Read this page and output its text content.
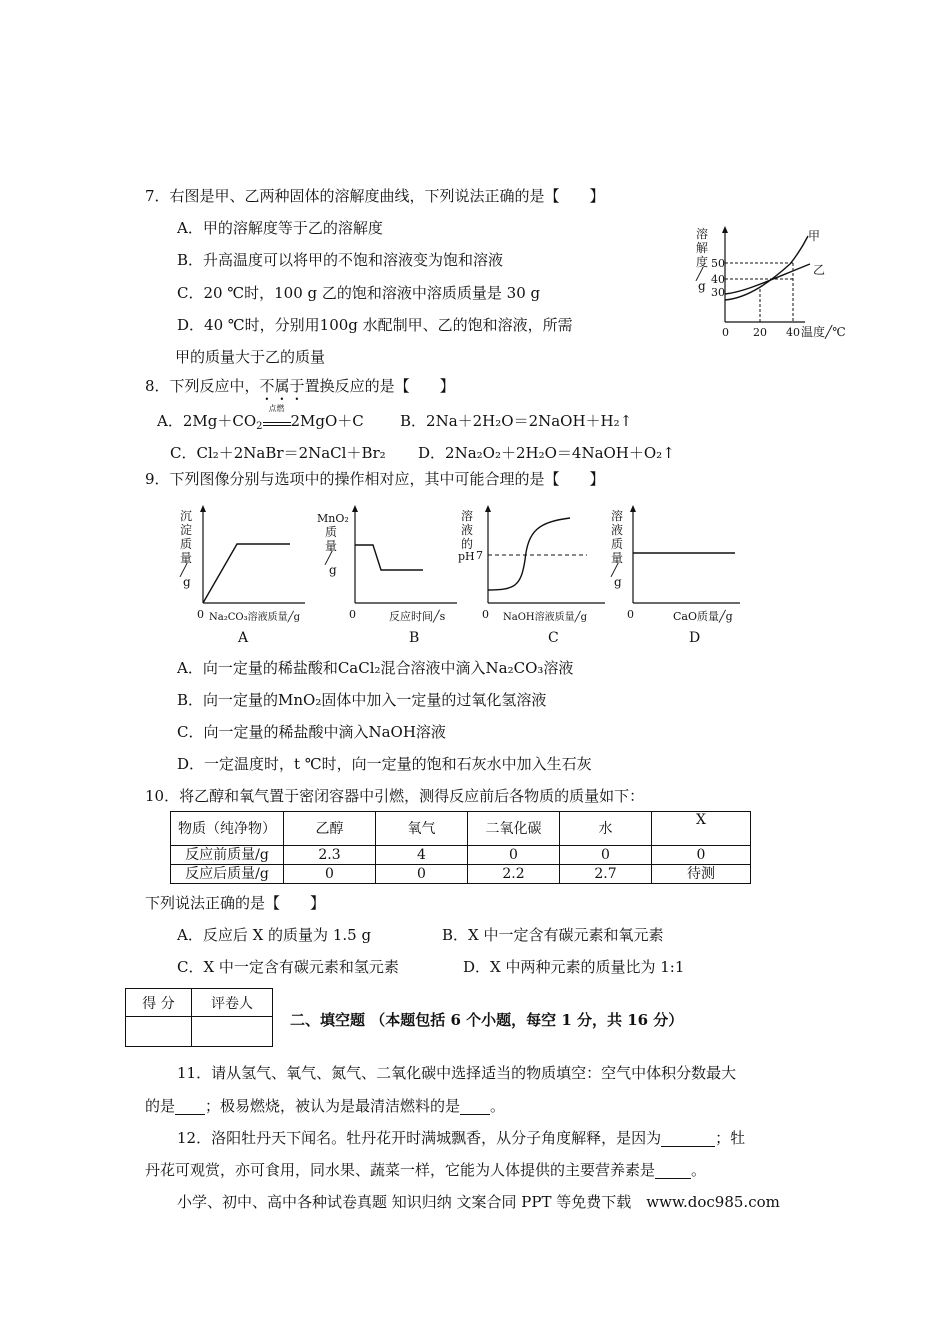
7．右图是甲、乙两种固体的溶解度曲线，下列说法正确的是【　　】
A．甲的溶解度等于乙的溶解度
B．升高温度可以将甲的不饱和溶液变为饱和溶液
C．20 ℃时，100 g 乙的饱和溶液中溶质质量是 30 g
D．40 ℃时，分别用100g 水配制甲、乙的饱和溶液，所需
甲的质量大于乙的质量
溶
解
度
╱
g
50
40
30
0 20 40 温度╱℃
甲
乙
8．下列反应中，不属于置换反应的是【　　】
A．$2Mg+CO_2$
点燃
2MgO＋C B．2Na＋2H₂O＝2NaOH＋H₂↑
C．Cl₂＋2NaBr＝2NaCl＋Br₂ D．2Na₂O₂＋2H₂O＝4NaOH＋O₂↑
9．下列图像分别与选项中的操作相对应，其中可能合理的是【　　】
沉
淀
质
量
╱
g
0 Na₂CO₃溶液质量╱g
A
MnO₂
质
量
╱
g
0	反应时间╱s
B
溶
液
的
pH 7
0 NaOH溶液质量╱g
C
溶
液
质
量
╱
g
0	CaO质量╱g
D
A．向一定量的稀盐酸和CaCl₂混合溶液中滴入Na₂CO₃溶液
B．向一定量的MnO₂固体中加入一定量的过氧化氢溶液
C．向一定量的稀盐酸中滴入NaOH溶液
D．一定温度时，t ℃时，向一定量的饱和石灰水中加入生石灰
10．将乙醇和氧气置于密闭容器中引燃，测得反应前后各物质的质量如下：
物质（纯净物）	乙醇	氧气	二氧化碳	水	X
反应前质量/g	2.3	4	0	0	0
反应后质量/g	0	0	2.2	2.7	待测
下列说法正确的是【　　】
A．反应后 X 的质量为 1.5 g	B．X 中一定含有碳元素和氧元素
C．X 中一定含有碳元素和氢元素	D．X 中两种元素的质量比为 1:1
得 分	评卷人

二、填空题 （本题包括 6 个小题，每空 1 分，共 16 分）
11．请从氢气、氧气、氮气、二氧化碳中选择适当的物质填空：空气中体积分数最大
的是 ；极易燃烧，被认为是最清洁燃料的是 。
12．洛阳牡丹天下闻名。牡丹花开时满城飘香，从分子角度解释，是因为	；牡
丹花可观赏，亦可食用，同水果、蔬菜一样，它能为人体提供的主要营养素是 。
小学、初中、高中各种试卷真题 知识归纳 文案合同 PPT 等免费下载　www.doc985.com
